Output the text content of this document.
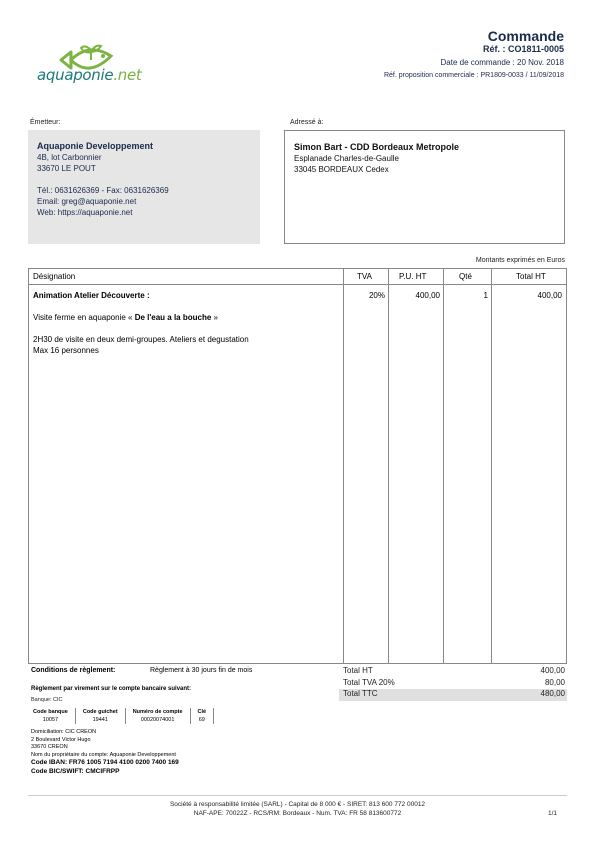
aquaponie.net
Commande
Réf. : CO1811-0005
Date de commande : 20 Nov. 2018
Réf. proposition commerciale : PR1809-0033 / 11/09/2018
Émetteur:
Aquaponie Developpement
4B, lot Carbonnier
33670 LE POUT
Tél.: 0631626369 - Fax: 0631626369
Email: greg@aquaponie.net
Web: https://aquaponie.net
Adressé à:
Simon Bart - CDD Bordeaux Metropole
Esplanade Charles-de-Gaulle
33045 BORDEAUX Cedex
Montants exprimés en Euros
Désignation	TVA	P.U. HT	Qté	Total HT
Animation Atelier Découverte :
Visite ferme en aquaponie « De l'eau a la bouche »
2H30 de visite en deux demi-groupes. Ateliers et degustation
Max 16 personnes
20%	400,00	1	400,00
Conditions de règlement:	Règlement à 30 jours fin de mois
Règlement par virement sur le compte bancaire suivant:
Banque: CIC
Code banque	Code guichet	Numéro de compte	Clé	
10057	19441	00020074001	69	
Domiciliation: CIC CREON
2 Boulevard Victor Hugo
33670 CREON
Nom du propriétaire du compte: Aquaponie Developpement
Code IBAN: FR76 1005 7194 4100 0200 7400 169
Code BIC/SWIFT: CMCIFRPP
Total HT	400,00
Total TVA 20%	80,00
Total TTC	480,00
Société à responsabilité limitée (SARL) - Capital de 8 000 € - SIRET: 813 600 772 00012
NAF-APE: 70022Z - RCS/RM: Bordeaux - Num. TVA: FR 58 813600772	1/1
